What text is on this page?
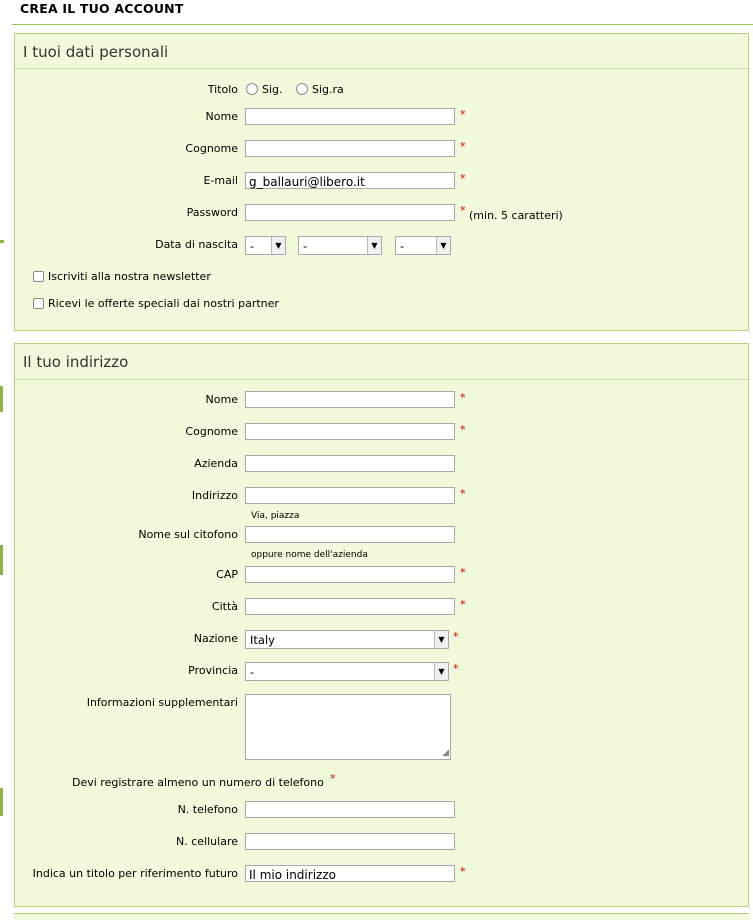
CREA IL TUO ACCOUNT
I tuoi dati personali
Titolo Sig.	Sig.ra
Nome	*
Cognome	*
E-mail g_ballauri@libero.it	*
Password	* (min. 5 caratteri)
Data di nascita -	▼ -	▼ -	▼
Iscriviti alla nostra newsletter
Ricevi le offerte speciali dai nostri partner
Il tuo indirizzo
Nome	*
Cognome	*
Azienda
Indirizzo	*
Via, piazza
Nome sul citofono
oppure nome dell'azienda
CAP	*
Città	*
Nazione Italy	▼ *
Provincia -	▼ *
Informazioni supplementari
◢
Devi registrare almeno un numero di telefono *
N. telefono
N. cellulare
Indica un titolo per riferimento futuro Il mio indirizzo	*
